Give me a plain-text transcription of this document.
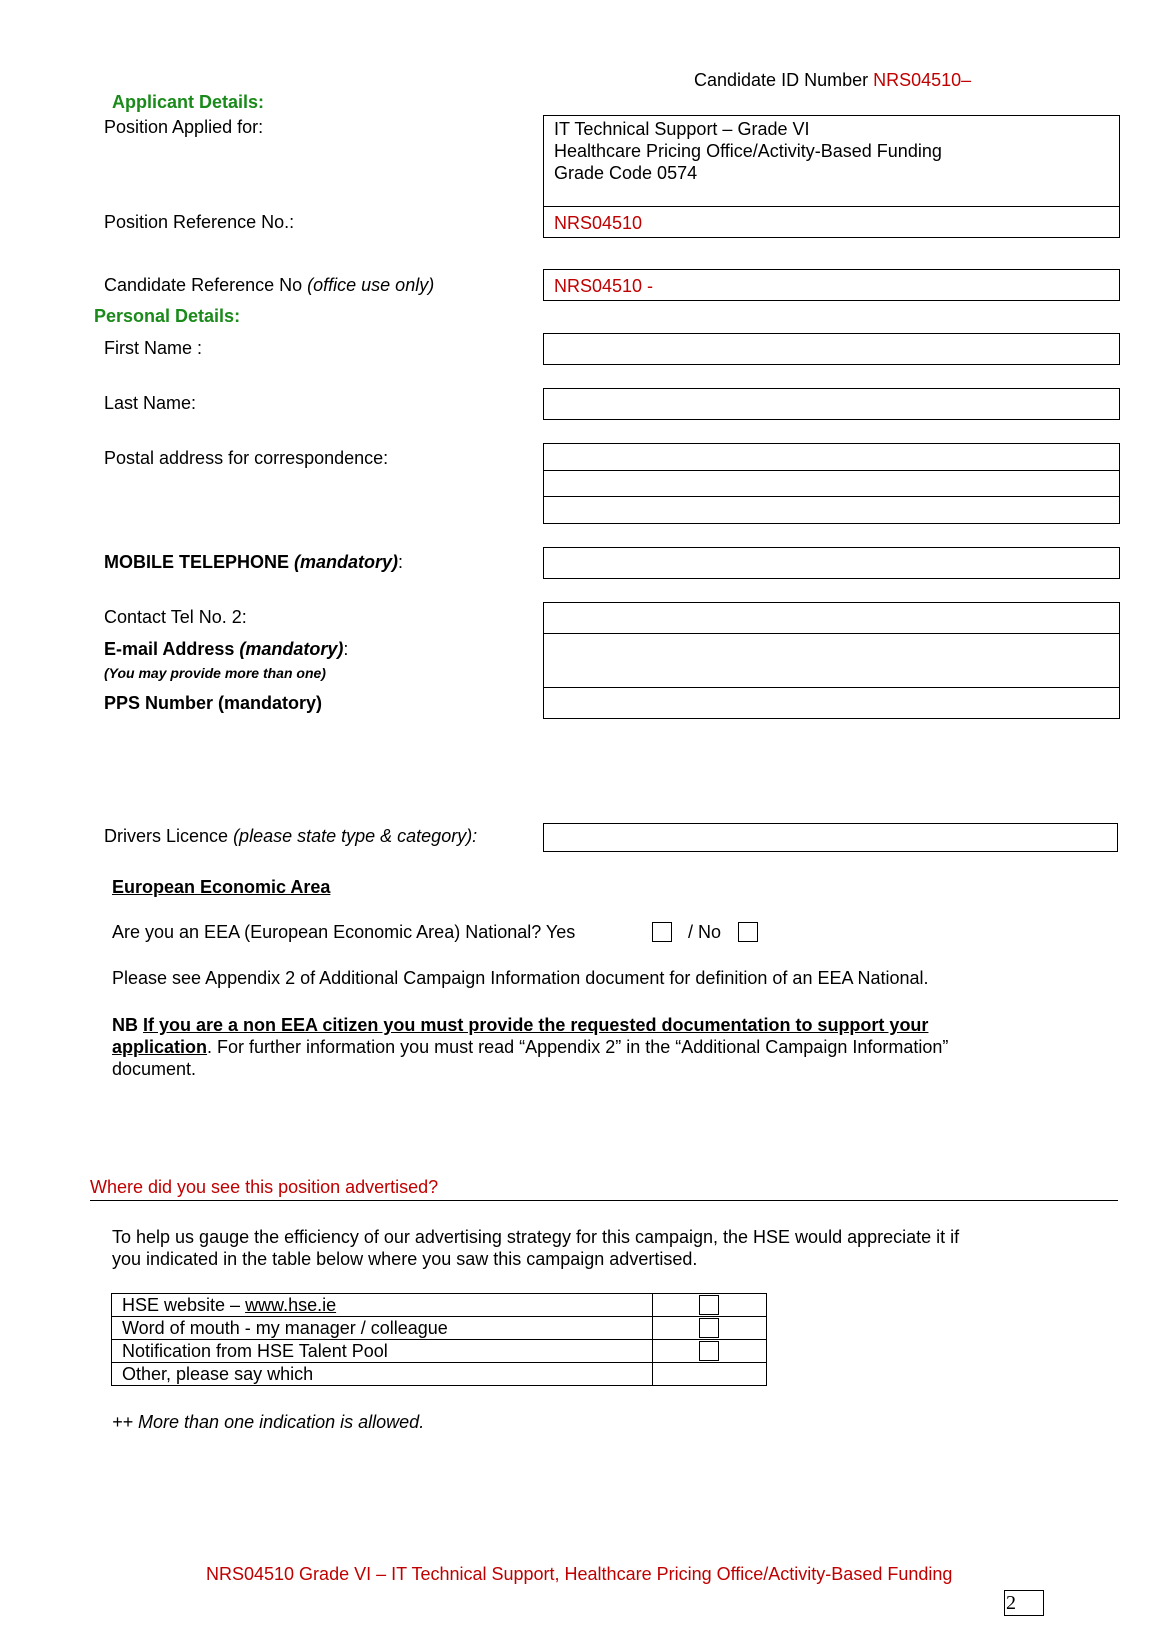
Candidate ID Number NRS04510–
Applicant Details:
Position Applied for:	IT Technical Support – Grade VI
Healthcare Pricing Office/Activity-Based Funding
Grade Code 0574
Position Reference No.:	NRS04510
Candidate Reference No (office use only)	NRS04510 -
Personal Details:
First Name :
Last Name:
Postal address for correspondence:
MOBILE TELEPHONE (mandatory):
Contact Tel No. 2:
E-mail Address (mandatory):
(You may provide more than one)
PPS Number (mandatory)
Drivers Licence (please state type & category):
European Economic Area
Are you an EEA (European Economic Area) National? Yes	/ No
Please see Appendix 2 of Additional Campaign Information document for definition of an EEA National.
NB If you are a non EEA citizen you must provide the requested documentation to support your
application. For further information you must read “Appendix 2” in the “Additional Campaign Information”
document.
Where did you see this position advertised?
To help us gauge the efficiency of our advertising strategy for this campaign, the HSE would appreciate it if
you indicated in the table below where you saw this campaign advertised.
HSE website – www.hse.ie	

Word of mouth - my manager / colleague	

Notification from HSE Talent Pool	

Other, please say which	
++ More than one indication is allowed.
NRS04510 Grade VI – IT Technical Support, Healthcare Pricing Office/Activity-Based Funding
2
